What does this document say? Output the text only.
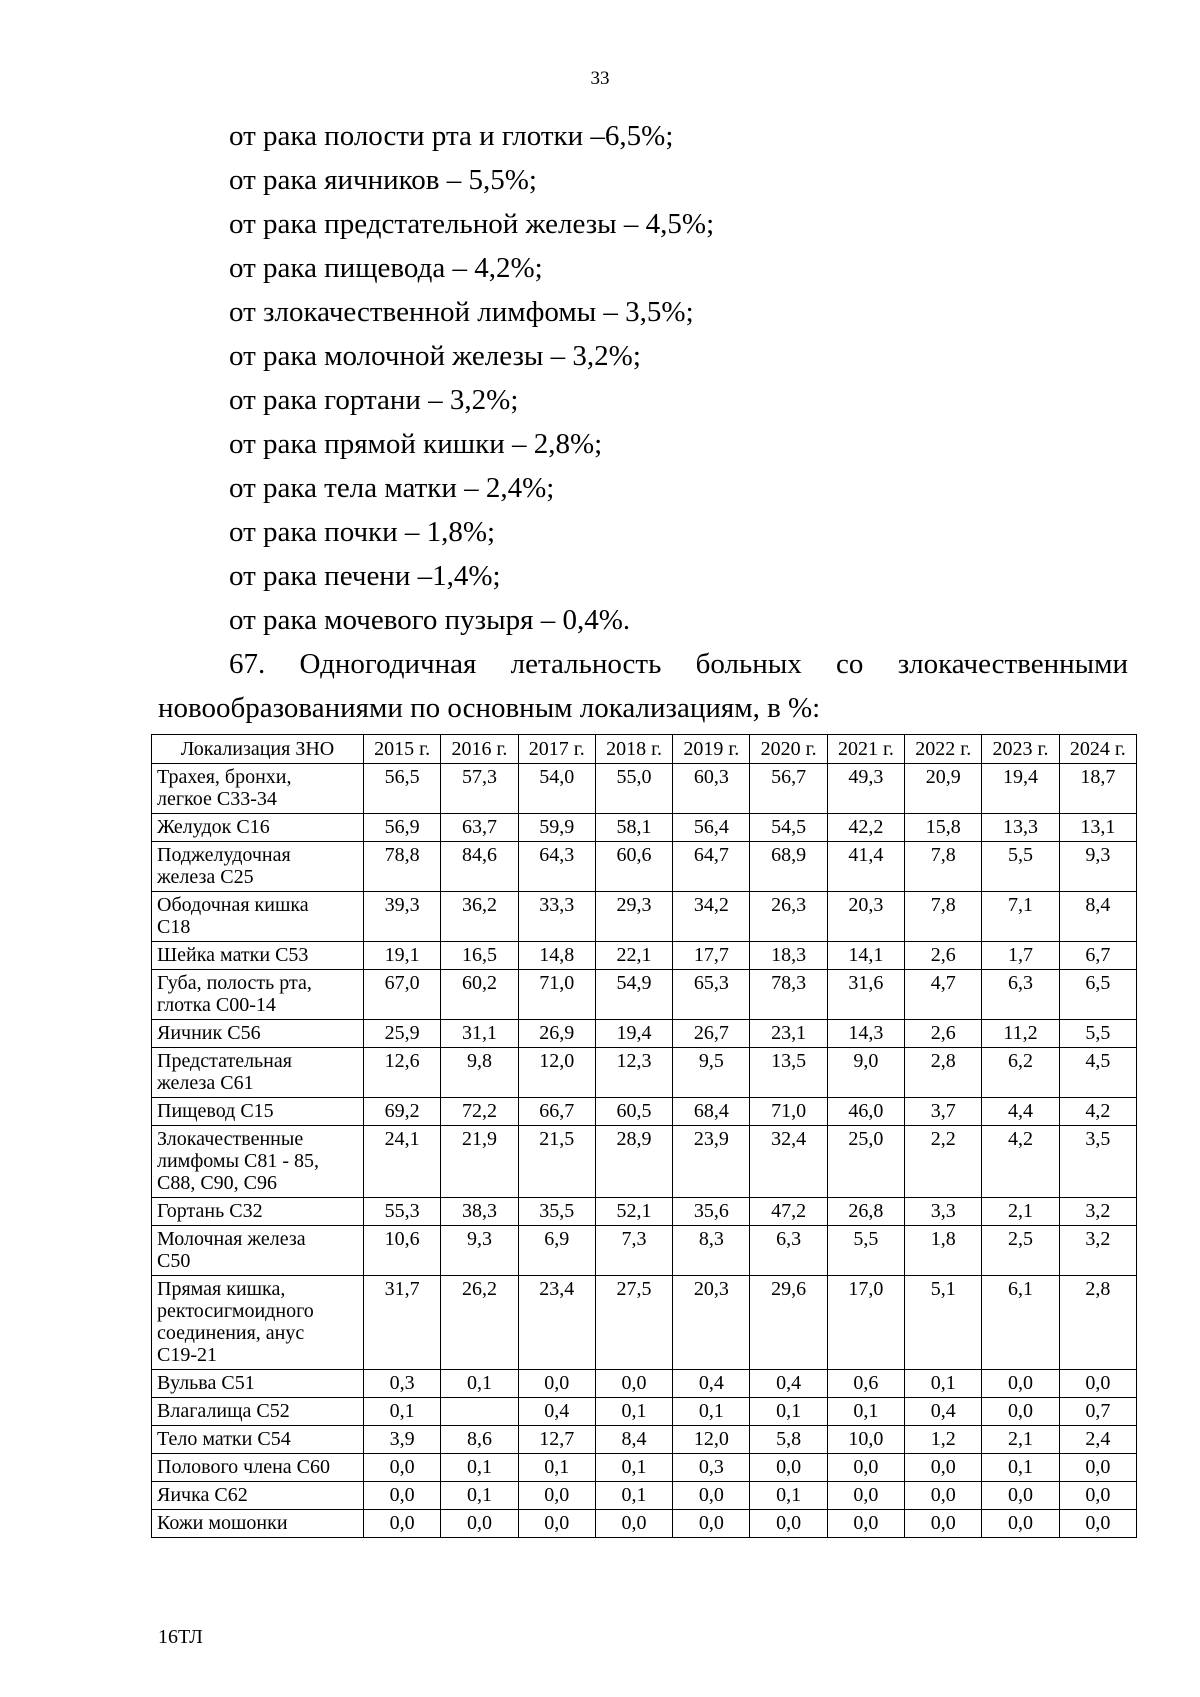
33
от рака полости рта и глотки –6,5%;
от рака яичников – 5,5%;
от рака предстательной железы – 4,5%;
от рака пищевода – 4,2%;
от злокачественной лимфомы – 3,5%;
от рака молочной железы – 3,2%;
от рака гортани – 3,2%;
от рака прямой кишки – 2,8%;
от рака тела матки – 2,4%;
от рака почки – 1,8%;
от рака печени –1,4%;
от рака мочевого пузыря – 0,4%.
67. Одногодичная летальность больных со злокачественными
новообразованиями по основным локализациям, в %:
Локализация ЗНО	2015 г.	2016 г.	2017 г.	2018 г.	2019 г.	2020 г.	2021 г.	2022 г.	2023 г.	2024 г.

Трахея, бронхи,
легкое С33-34	56,5	57,3	54,0	55,0	60,3	56,7	49,3	20,9	19,4	18,7

Желудок С16	56,9	63,7	59,9	58,1	56,4	54,5	42,2	15,8	13,3	13,1

Поджелудочная
железа С25	78,8	84,6	64,3	60,6	64,7	68,9	41,4	7,8	5,5	9,3

Ободочная кишка
С18	39,3	36,2	33,3	29,3	34,2	26,3	20,3	7,8	7,1	8,4

Шейка матки С53	19,1	16,5	14,8	22,1	17,7	18,3	14,1	2,6	1,7	6,7

Губа, полость рта,
глотка С00-14	67,0	60,2	71,0	54,9	65,3	78,3	31,6	4,7	6,3	6,5

Яичник С56	25,9	31,1	26,9	19,4	26,7	23,1	14,3	2,6	11,2	5,5

Предстательная
железа С61	12,6	9,8	12,0	12,3	9,5	13,5	9,0	2,8	6,2	4,5

Пищевод С15	69,2	72,2	66,7	60,5	68,4	71,0	46,0	3,7	4,4	4,2

Злокачественные
лимфомы С81 - 85,
С88, С90, С96	24,1	21,9	21,5	28,9	23,9	32,4	25,0	2,2	4,2	3,5

Гортань С32	55,3	38,3	35,5	52,1	35,6	47,2	26,8	3,3	2,1	3,2

Молочная железа
С50	10,6	9,3	6,9	7,3	8,3	6,3	5,5	1,8	2,5	3,2

Прямая кишка,
ректосигмоидного
соединения, анус
С19-21	31,7	26,2	23,4	27,5	20,3	29,6	17,0	5,1	6,1	2,8

Вульва С51	0,3	0,1	0,0	0,0	0,4	0,4	0,6	0,1	0,0	0,0

Влагалища С52	0,1		0,4	0,1	0,1	0,1	0,1	0,4	0,0	0,7

Тело матки С54	3,9	8,6	12,7	8,4	12,0	5,8	10,0	1,2	2,1	2,4

Полового члена С60	0,0	0,1	0,1	0,1	0,3	0,0	0,0	0,0	0,1	0,0

Яичка С62	0,0	0,1	0,0	0,1	0,0	0,1	0,0	0,0	0,0	0,0

Кожи мошонки	0,0	0,0	0,0	0,0	0,0	0,0	0,0	0,0	0,0	0,0
16ТЛ
